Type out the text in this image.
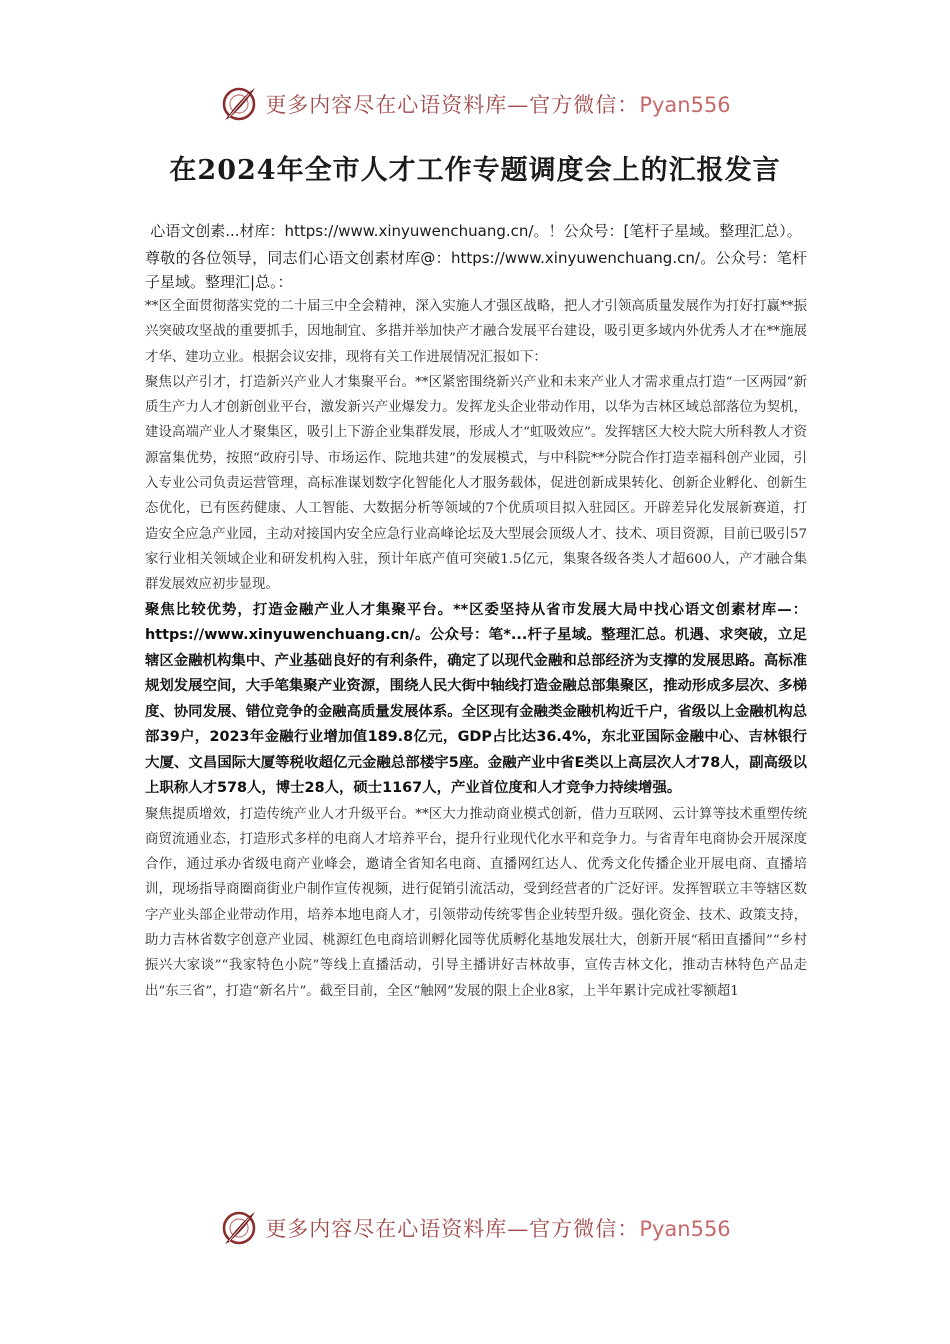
更多内容尽在心语资料库—官方微信：Pyan556
在2024年全市人才工作专题调度会上的汇报发言

心语文创素...材库：https://www.xinyuwenchuang.cn/。！公众号：[笔杆子星域。整理汇总）。

尊敬的各位领导，同志们心语文创素材库@：https://www.xinyuwenchuang.cn/。公众号：笔杆子星域。整理汇|总。：

**区全面贯彻落实党的二十届三中全会精神，深入实施人才强区战略，把人才引领高质量发展作为打好打赢**振兴突破攻坚战的重要抓手，因地制宜、多措并举加快产才融合发展平台建设，吸引更多域内外优秀人才在**施展才华、建功立业。根据会议安排，现将有关工作进展情况汇报如下：

聚焦以产引才，打造新兴产业人才集聚平台。**区紧密围绕新兴产业和未来产业人才需求重点打造“一区两园”新质生产力人才创新创业平台，激发新兴产业爆发力。发挥龙头企业带动作用，以华为吉林区域总部落位为契机，建设高端产业人才聚集区，吸引上下游企业集群发展，形成人才“虹吸效应”。发挥辖区大校大院大所科教人才资源富集优势，按照“政府引导、市场运作、院地共建”的发展模式，与中科院**分院合作打造幸福科创产业园，引入专业公司负责运营管理，高标准谋划数字化智能化人才服务载体，促进创新成果转化、创新企业孵化、创新生态优化，已有医药健康、人工智能、大数据分析等领域的7个优质项目拟入驻园区。开辟差异化发展新赛道，打造安全应急产业园，主动对接国内安全应急行业高峰论坛及大型展会顶级人才、技术、项目资源，目前已吸引57家行业相关领域企业和研发机构入驻，预计年底产值可突破1.5亿元，集聚各级各类人才超600人，产才融合集群发展效应初步显现。

聚焦比较优势，打造金融产业人才集聚平台。**区委坚持从省市发展大局中找心语文创素材库—：https://www.xinyuwenchuang.cn/。公众号：笔*...杆子星域。整理汇总。机遇、求突破，立足辖区金融机构集中、产业基础良好的有利条件，确定了以现代金融和总部经济为支撑的发展思路。高标准规划发展空间，大手笔集聚产业资源，围绕人民大街中轴线打造金融总部集聚区，推动形成多层次、多梯度、协同发展、错位竞争的金融高质量发展体系。全区现有金融类金融机构近千户，省级以上金融机构总部39户，2023年金融行业增加值189.8亿元，GDP占比达36.4%，东北亚国际金融中心、吉林银行大厦、文昌国际大厦等税收超亿元金融总部楼宇5座。金融产业中省E类以上高层次人才78人，副高级以上职称人才578人，博士28人，硕士1167人，产业首位度和人才竞争力持续增强。

聚焦提质增效，打造传统产业人才升级平台。**区大力推动商业模式创新，借力互联网、云计算等技术重塑传统商贸流通业态，打造形式多样的电商人才培养平台，提升行业现代化水平和竞争力。与省青年电商协会开展深度合作，通过承办省级电商产业峰会，邀请全省知名电商、直播网红达人、优秀文化传播企业开展电商、直播培训，现场指导商圈商街业户制作宣传视频，进行促销引流活动，受到经营者的广泛好评。发挥智联立丰等辖区数字产业头部企业带动作用，培养本地电商人才，引领带动传统零售企业转型升级。强化资金、技术、政策支持，助力吉林省数字创意产业园、桃源红色电商培训孵化园等优质孵化基地发展壮大，创新开展“稻田直播间”“乡村振兴大家谈”“我家特色小院”等线上直播活动，引导主播讲好吉林故事，宣传吉林文化，推动吉林特色产品走出“东三省”，打造“新名片”。截至目前，全区“触网”发展的限上企业8家，上半年累计完成社零额超1

更多内容尽在心语资料库—官方微信：Pyan556
